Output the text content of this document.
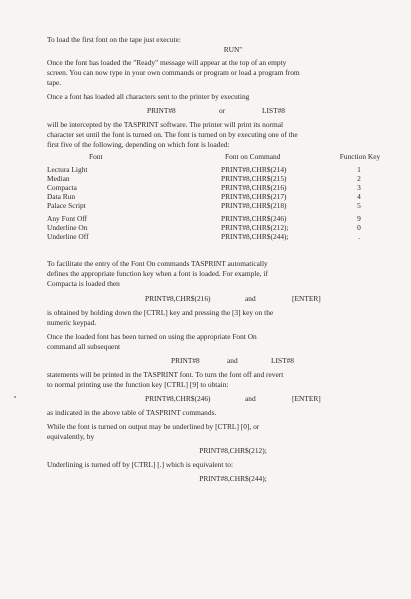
To load the first font on the tape just execute:
RUN"
Once the font has loaded the "Ready" message will appear at the top of an empty
screen. You can now type in your own commands or program or load a program from
tape.
Once a font has loaded all characters sent to the printer by executing
PRINT#8	or	LIST#8
will be intercepted by the TASPRINT software. The printer will print its normal
character set until the font is turned on. The font is turned on by executing one of the
first five of the following, depending on which font is loaded:
Font	Font on Command	Function Key
Lectura Light	PRINT#8,CHR$(214)	1
Median	PRINT#8,CHR$(215)	2
Compacta	PRINT#8,CHR$(216)	3
Data Run	PRINT#8,CHR$(217)	4
Palace Script	PRINT#8,CHR$(218)	5
Any Font Off	PRINT#8,CHR$(246)	9
Underline On	PRINT#8,CHR$(212);	0
Underline Off	PRINT#8,CHR$(244);	.
To facilitate the entry of the Font On commands TASPRINT automatically
defines the appropriate function key when a font is loaded. For example, if
Compacta is loaded then
PRINT#8,CHR$(216)	and	[ENTER]
is obtained by holding down the [CTRL] key and pressing the [3] key on the
numeric keypad.
Once the loaded font has been turned on using the appropriate Font On
command all subsequent
PRINT#8	and	LIST#8
statements will be printed in the TASPRINT font. To turn the font off and revert
to normal printing use the function key [CTRL] [9] to obtain:
PRINT#8,CHR$(246)	and	[ENTER]
as indicated in the above table of TASPRINT commands.
While the font is turned on output may be underlined by [CTRL] [0], or
equivalently, by
PRINT#8,CHR$(212);
Underlining is turned off by [CTRL] [.] which is equivalent to:
PRINT#8,CHR$(244);
